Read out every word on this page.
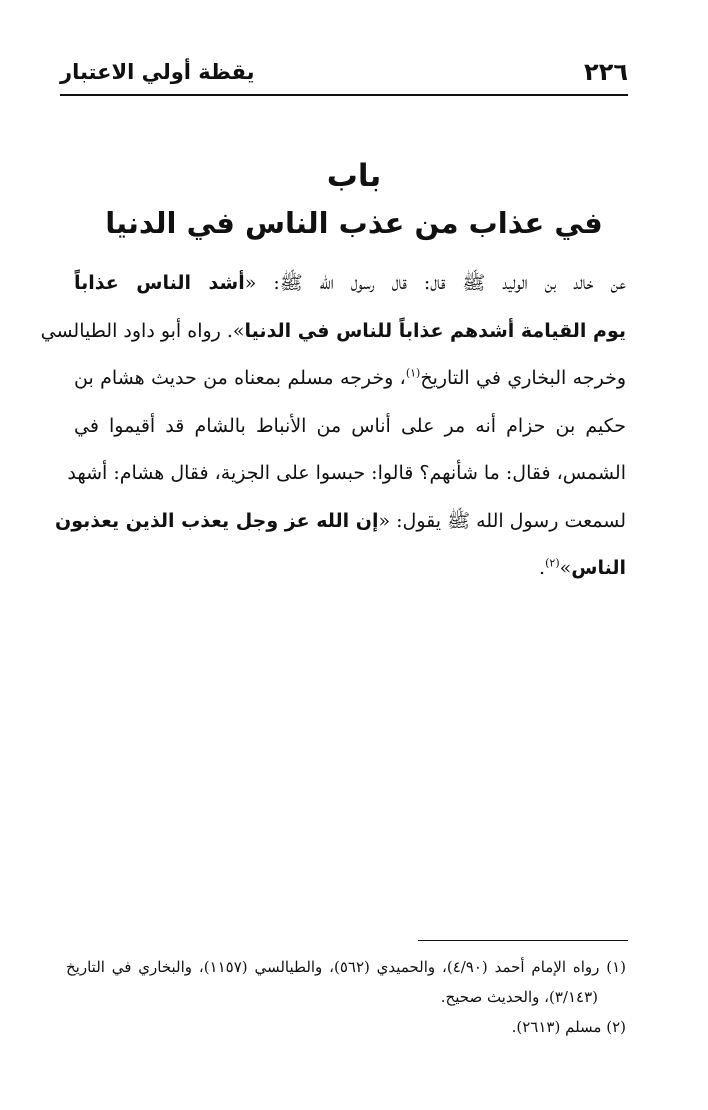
٢٢٦
يقظة أولي الاعتبار
باب
في عذاب من عذب الناس في الدنيا
عن خالد بن الوليد ﷺ قال: قال رسول الله ﷺ: «أشد الناس عذاباً
يوم القيامة أشدهم عذاباً للناس في الدنيا». رواه أبو داود الطيالسي
وخرجه البخاري في التاريخ$^{(١)}$، وخرجه مسلم بمعناه من حديث هشام بن
حكيم بن حزام أنه مر على أناس من الأنباط بالشام قد أقيموا في
الشمس، فقال: ما شأنهم؟ قالوا: حبسوا على الجزية، فقال هشام: أشهد
لسمعت رسول الله ﷺ يقول: «إن الله عز وجل يعذب الذين يعذبون
الناس»$^{(٢)}$.
(١) رواه الإمام أحمد (٤/٩٠)، والحميدي (٥٦٢)، والطيالسي (١١٥٧)، والبخاري في التاريخ
(٣/١٤٣)، والحديث صحيح.
(٢) مسلم (٢٦١٣).
